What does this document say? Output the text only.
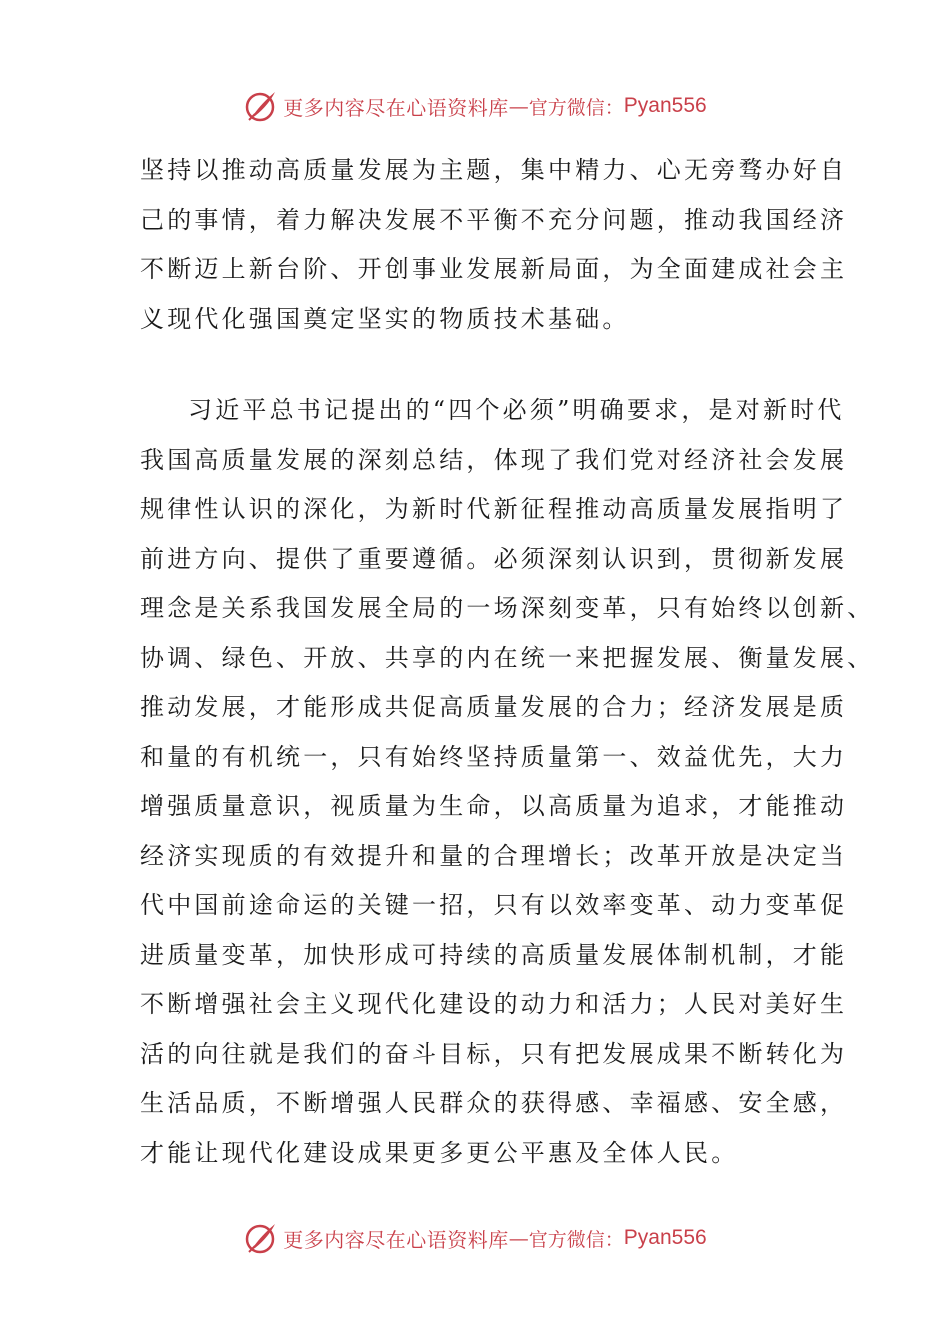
更多内容尽在心语资料库 — 官方微信： Pyan556
坚持以推动高质量发展为主题，集中精力、心无旁骛办好自
己的事情，着力解决发展不平衡不充分问题，推动我国经济
不断迈上新台阶、开创事业发展新局面，为全面建成社会主
义现代化强国奠定坚实的物质技术基础。
习近平总书记提出的“四个必须”明确要求，是对新时代
我国高质量发展的深刻总结，体现了我们党对经济社会发展
规律性认识的深化，为新时代新征程推动高质量发展指明了
前进方向、提供了重要遵循。必须深刻认识到，贯彻新发展
理念是关系我国发展全局的一场深刻变革，只有始终以创新、
协调、绿色、开放、共享的内在统一来把握发展、衡量发展、
推动发展，才能形成共促高质量发展的合力；经济发展是质
和量的有机统一，只有始终坚持质量第一、效益优先，大力
增强质量意识，视质量为生命，以高质量为追求，才能推动
经济实现质的有效提升和量的合理增长；改革开放是决定当
代中国前途命运的关键一招，只有以效率变革、动力变革促
进质量变革，加快形成可持续的高质量发展体制机制，才能
不断增强社会主义现代化建设的动力和活力；人民对美好生
活的向往就是我们的奋斗目标，只有把发展成果不断转化为
生活品质，不断增强人民群众的获得感、幸福感、安全感，
才能让现代化建设成果更多更公平惠及全体人民。
更多内容尽在心语资料库 — 官方微信： Pyan556
